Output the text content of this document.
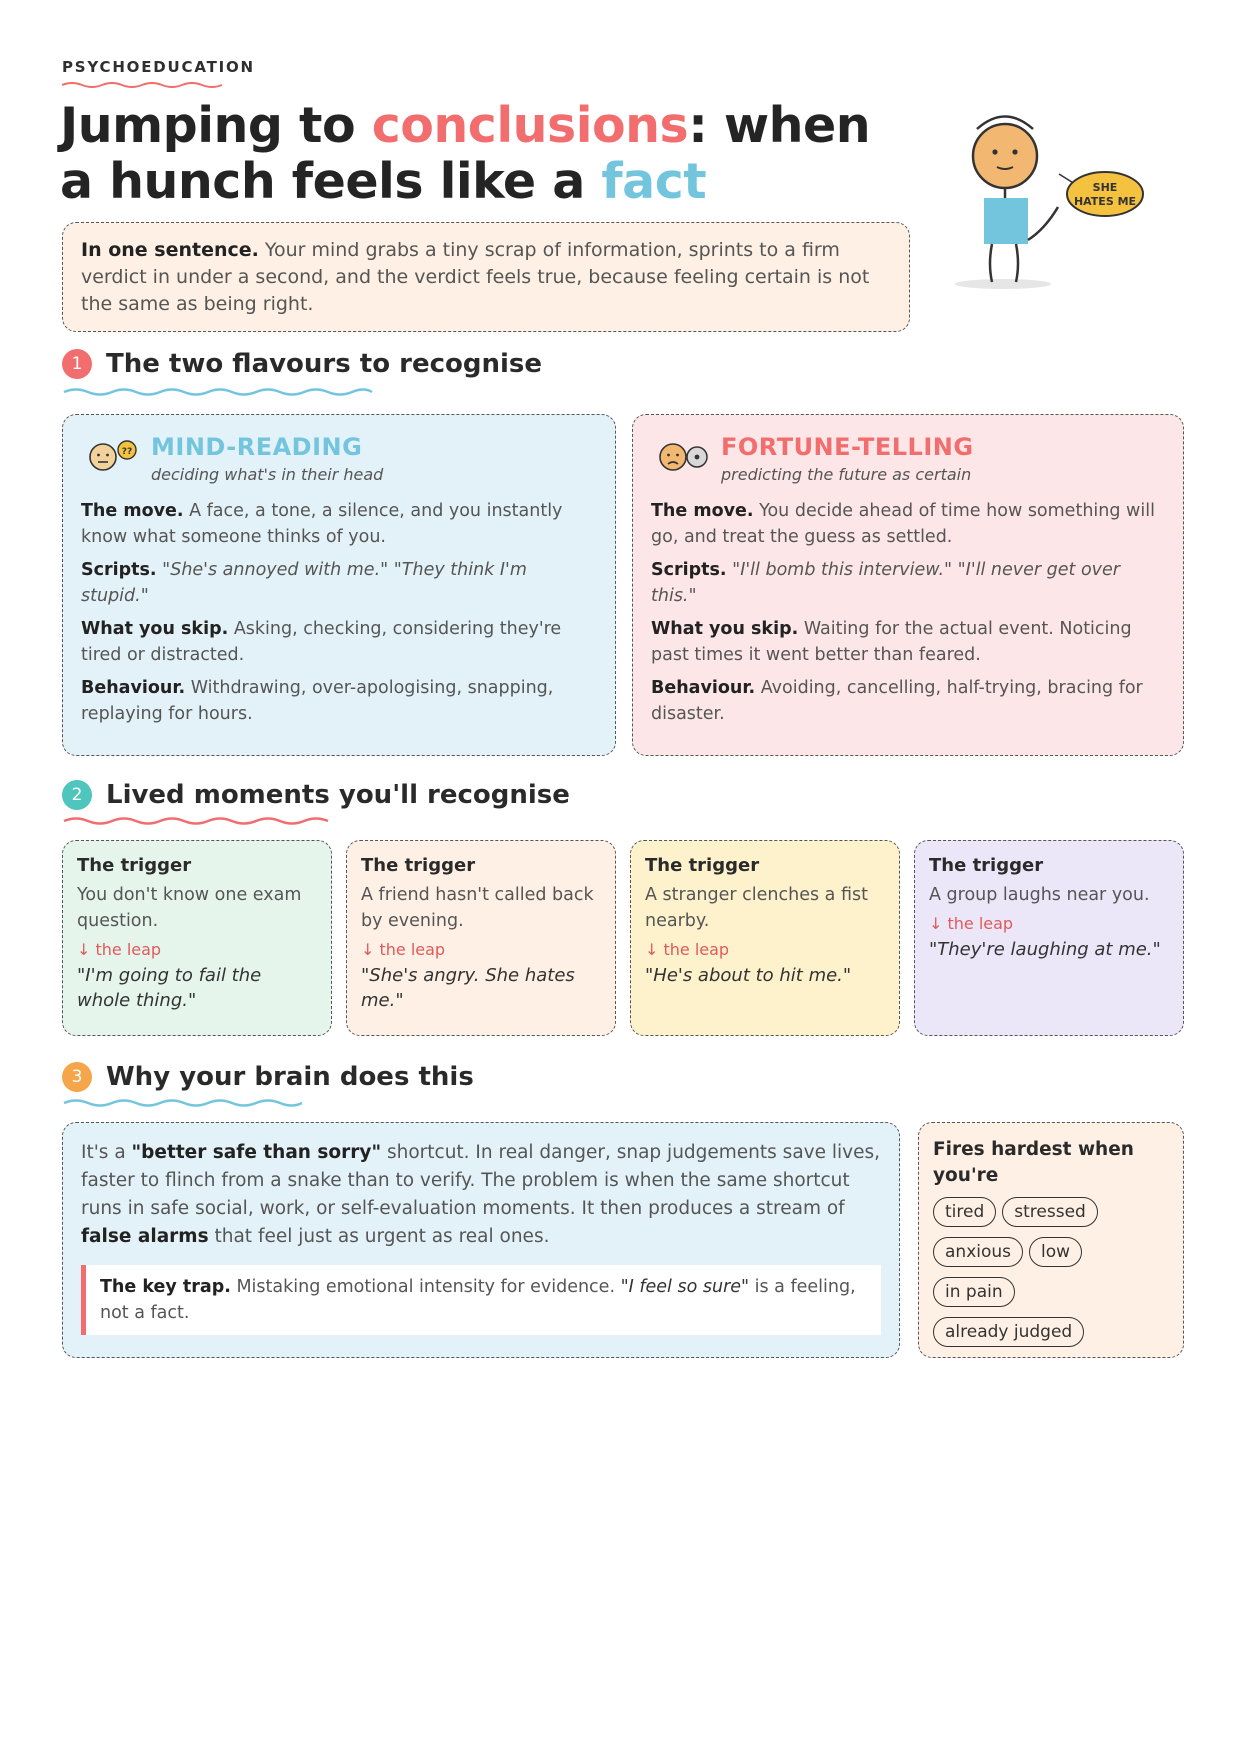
PSYCHOEDUCATION
Jumping to conclusions: when a hunch feels like a fact	SHE
HATES ME
In one sentence. Your mind grabs a tiny scrap of information, sprints to a firm verdict in under a second, and the verdict feels true, because feeling certain is not the same as being right.
1 The two flavours to recognise
?? MIND-READING
deciding what's in their head

The move. A face, a tone, a silence, and you instantly know what someone thinks of you.

Scripts. "She's annoyed with me." "They think I'm stupid."

What you skip. Asking, checking, considering they're tired or distracted.

Behaviour. Withdrawing, over-apologising, snapping, replaying for hours.

FORTUNE-TELLING
predicting the future as certain

The move. You decide ahead of time how something will go, and treat the guess as settled.

Scripts. "I'll bomb this interview." "I'll never get over this."

What you skip. Waiting for the actual event. Noticing past times it went better than feared.

Behaviour. Avoiding, cancelling, half-trying, bracing for disaster.

2 Lived moments you'll recognise
The trigger
You don't know one exam question.
↓ the leap
"I'm going to fail the whole thing."
The trigger
A friend hasn't called back by evening.
↓ the leap
"She's angry. She hates me."
The trigger
A stranger clenches a fist nearby.
↓ the leap
"He's about to hit me."
The trigger
A group laughs near you.
↓ the leap
"They're laughing at me."
3 Why your brain does this
It's a "better safe than sorry" shortcut. In real danger, snap judgements save lives, faster to flinch from a snake than to verify. The problem is when the same shortcut runs in safe social, work, or self-evaluation moments. It then produces a stream of false alarms that feel just as urgent as real ones.
The key trap. Mistaking emotional intensity for evidence. "I feel so sure" is a feeling, not a fact.
Fires hardest when you're
tired	stressed
anxious	low
in pain
already judged
